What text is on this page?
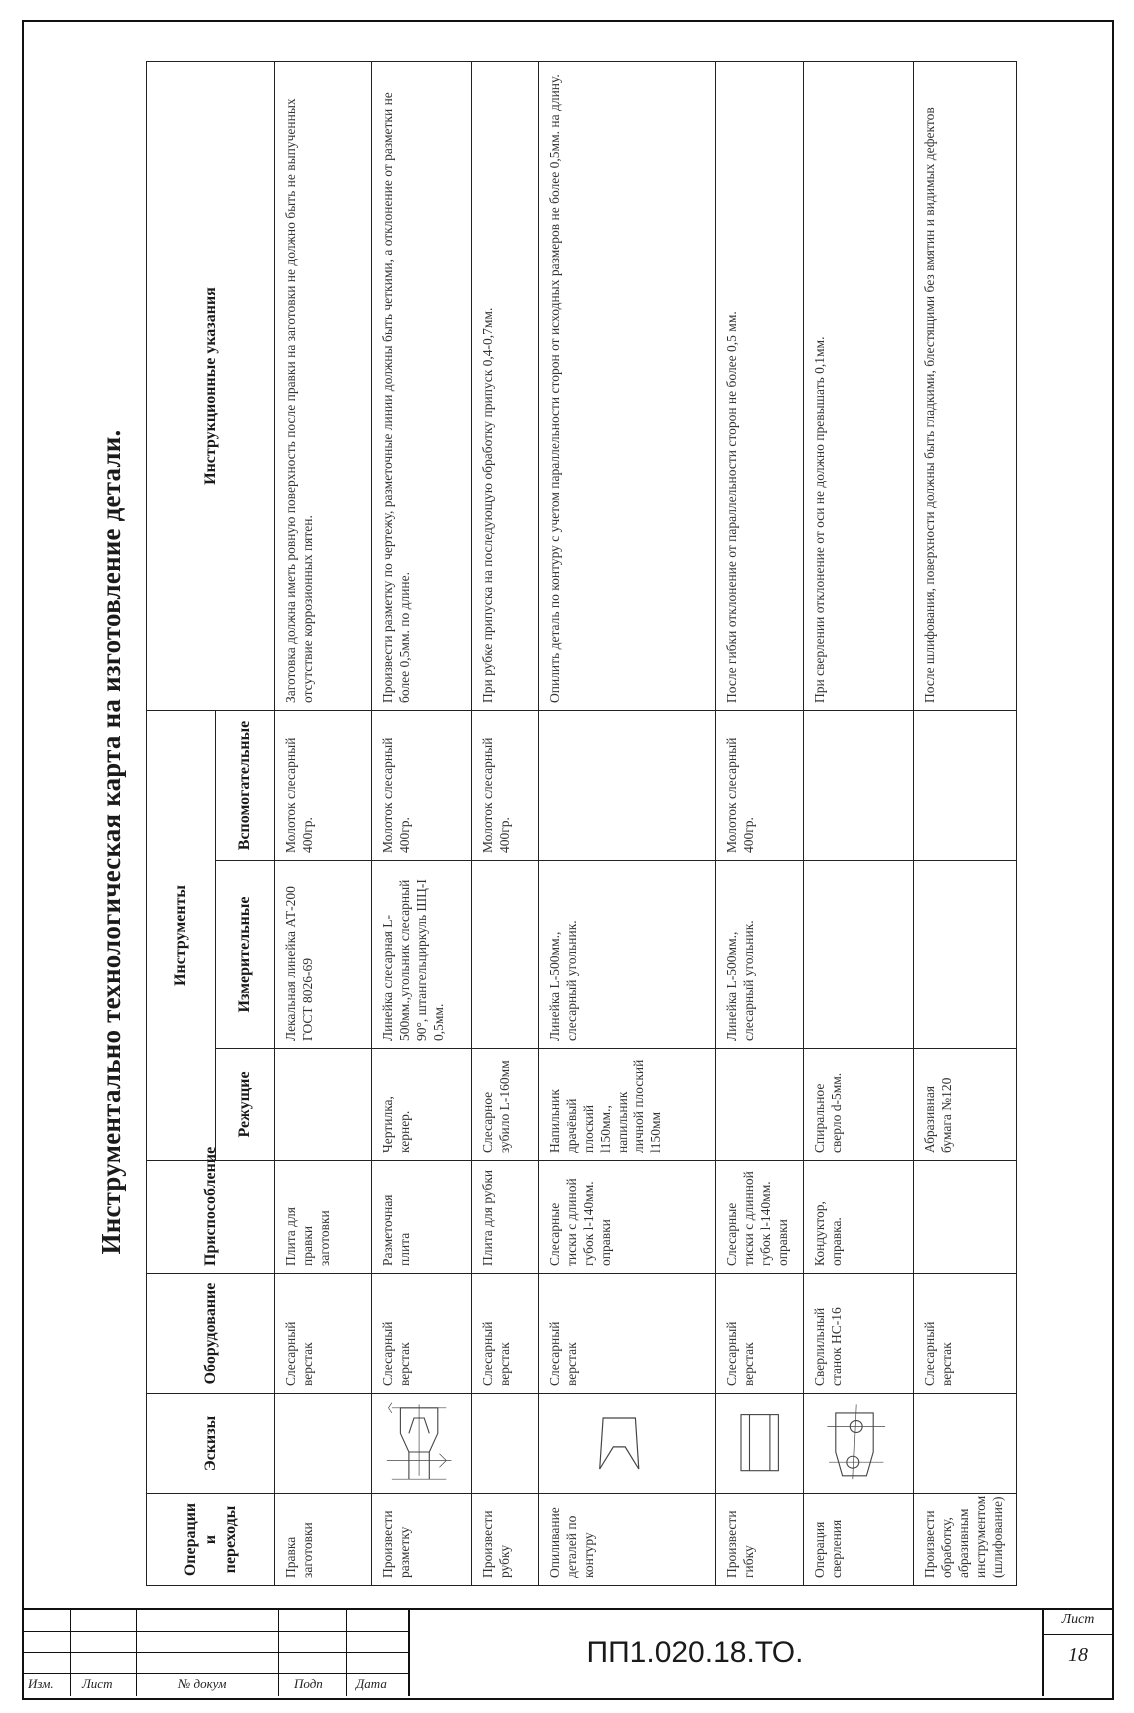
Инструментально технологическая карта на изготовление детали.
Операции и переходы	Эскизы	Оборудование	Приспособление	Инструменты			Инструкционные указания
				Режущие	Измерительные	Вспомогательные	
Правка заготовки		Слесарный верстак	Плита для правки заготовки		Лекальная линейка АТ-200 ГОСТ 8026-69	Молоток слесарный 400гр.	Заготовка должна иметь ровную поверхность после правки на заготовки не должно быть не выпученных отсутствие коррозионных пятен.
Произвести разметку		Слесарный верстак	Разметочная плита	Чертилка, кернер.	Линейка слесарная L-500мм.,угольник слесарный 90°, штангельциркуль ШЦ-I 0,5мм.	Молоток слесарный 400гр.	Произвести разметку по чертежу, разметочные линии должны быть четкими, а отклонение от разметки не более 0,5мм. по длине.
Произвести рубку		Слесарный верстак	Плита для рубки	Слесарное зубило L-160мм		Молоток слесарный 400гр.	При рубке припуска на последующую обработку припуск 0,4-0,7мм.
Опиливание деталей по контуру		Слесарный верстак	Слесарные тиски с длиной губок l-140мм. оправки	Напильник драчёвый плоский l150мм., напильник личной плоский l150мм	Линейка L-500мм., слесарный угольник.		Опилить деталь по контуру с учетом параллельности сторон от исходных размеров не более 0,5мм. на длину.
Произвести гибку		Слесарный верстак	Слесарные тиски с длинной губок l-140мм. оправки		Линейка L-500мм., слесарный угольник.	Молоток слесарный 400гр.	После гибки отклонение от параллельности сторон не более 0,5 мм.
Операция сверления		Сверлильный станок НС-16	Кондуктор, оправка.	Спиральное сверло d-5мм.			При сверлении отклонение от оси не должно превышать 0,1мм.
Произвести обработку, абразивным инструментом (шлифование)		Слесарный верстак		Абразивная бумага №120			После шлифования, поверхности должны быть гладкими, блестящими без вмятин и видимых дефектов
Изм. Лист	№ докум	Подп	Дата
ПП1.020.18.ТО.
Лист
18
